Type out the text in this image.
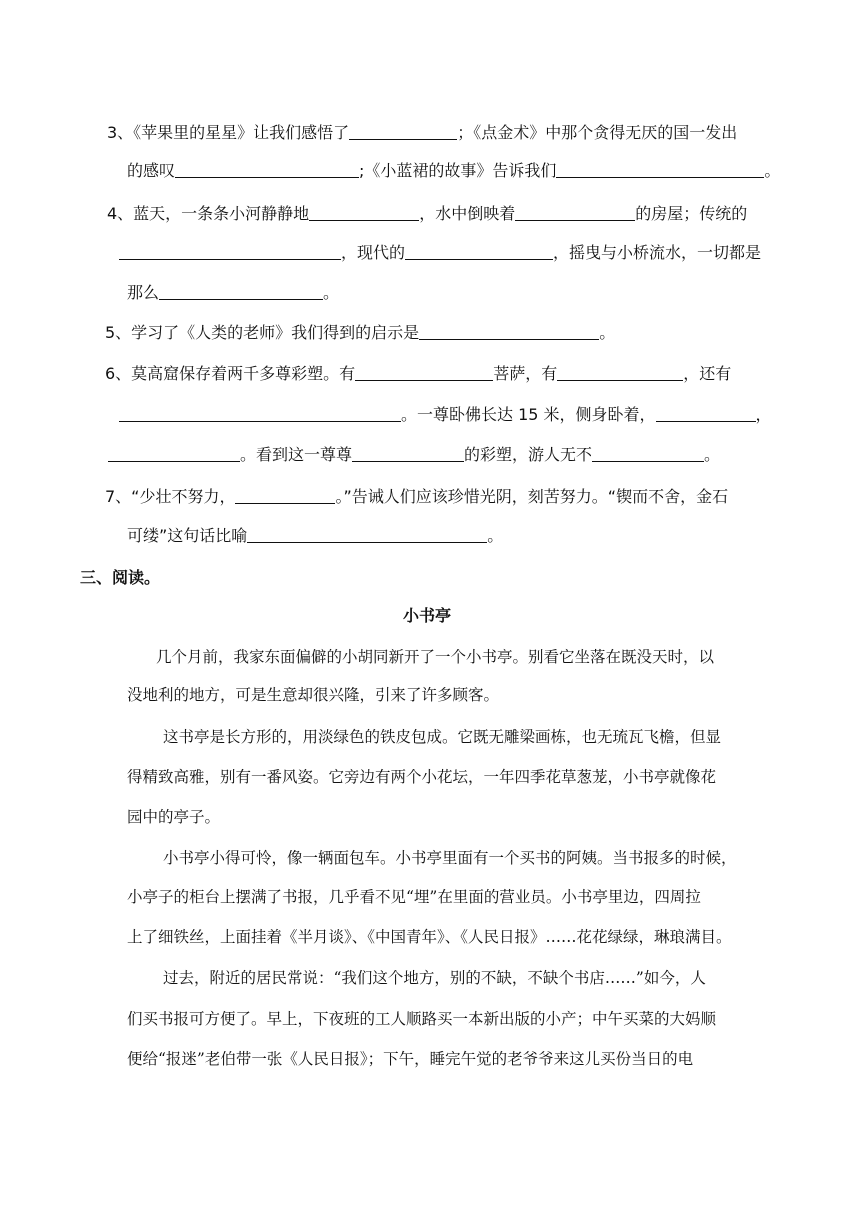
3、《苹果里的星星》让我们感悟了	；《点金术》中那个贪得无厌的国一发出
的感叹	;《小蓝裙的故事》告诉我们	。
4、蓝天，一条条小河静静地	，水中倒映着	的房屋；传统的
，现代的	，摇曳与小桥流水，一切都是
那么	。
5、学习了《人类的老师》我们得到的启示是	。
6、莫高窟保存着两千多尊彩塑。有	菩萨，有	，还有
。一尊卧佛长达 15 米，侧身卧着，	，
。看到这一尊尊	的彩塑，游人无不	。
7、“少壮不努力，	。”告诫人们应该珍惜光阴，刻苦努力。“锲而不舍，金石
可缕”这句话比喻	。
三、阅读。
小书亭
几个月前，我家东面偏僻的小胡同新开了一个小书亭。别看它坐落在既没天时，以
没地利的地方，可是生意却很兴隆，引来了许多顾客。
这书亭是长方形的，用淡绿色的铁皮包成。它既无雕梁画栋，也无琉瓦飞檐，但显
得精致高雅，别有一番风姿。它旁边有两个小花坛，一年四季花草葱茏，小书亭就像花
园中的亭子。
小书亭小得可怜，像一辆面包车。小书亭里面有一个买书的阿姨。当书报多的时候，
小亭子的柜台上摆满了书报，几乎看不见“埋”在里面的营业员。小书亭里边，四周拉
上了细铁丝，上面挂着《半月谈》、《中国青年》、《人民日报》……花花绿绿，琳琅满目。
过去，附近的居民常说：“我们这个地方，别的不缺，不缺个书店……”如今，人
们买书报可方便了。早上，下夜班的工人顺路买一本新出版的小产；中午买菜的大妈顺
便给“报迷”老伯带一张《人民日报》；下午，睡完午觉的老爷爷来这儿买份当日的电
